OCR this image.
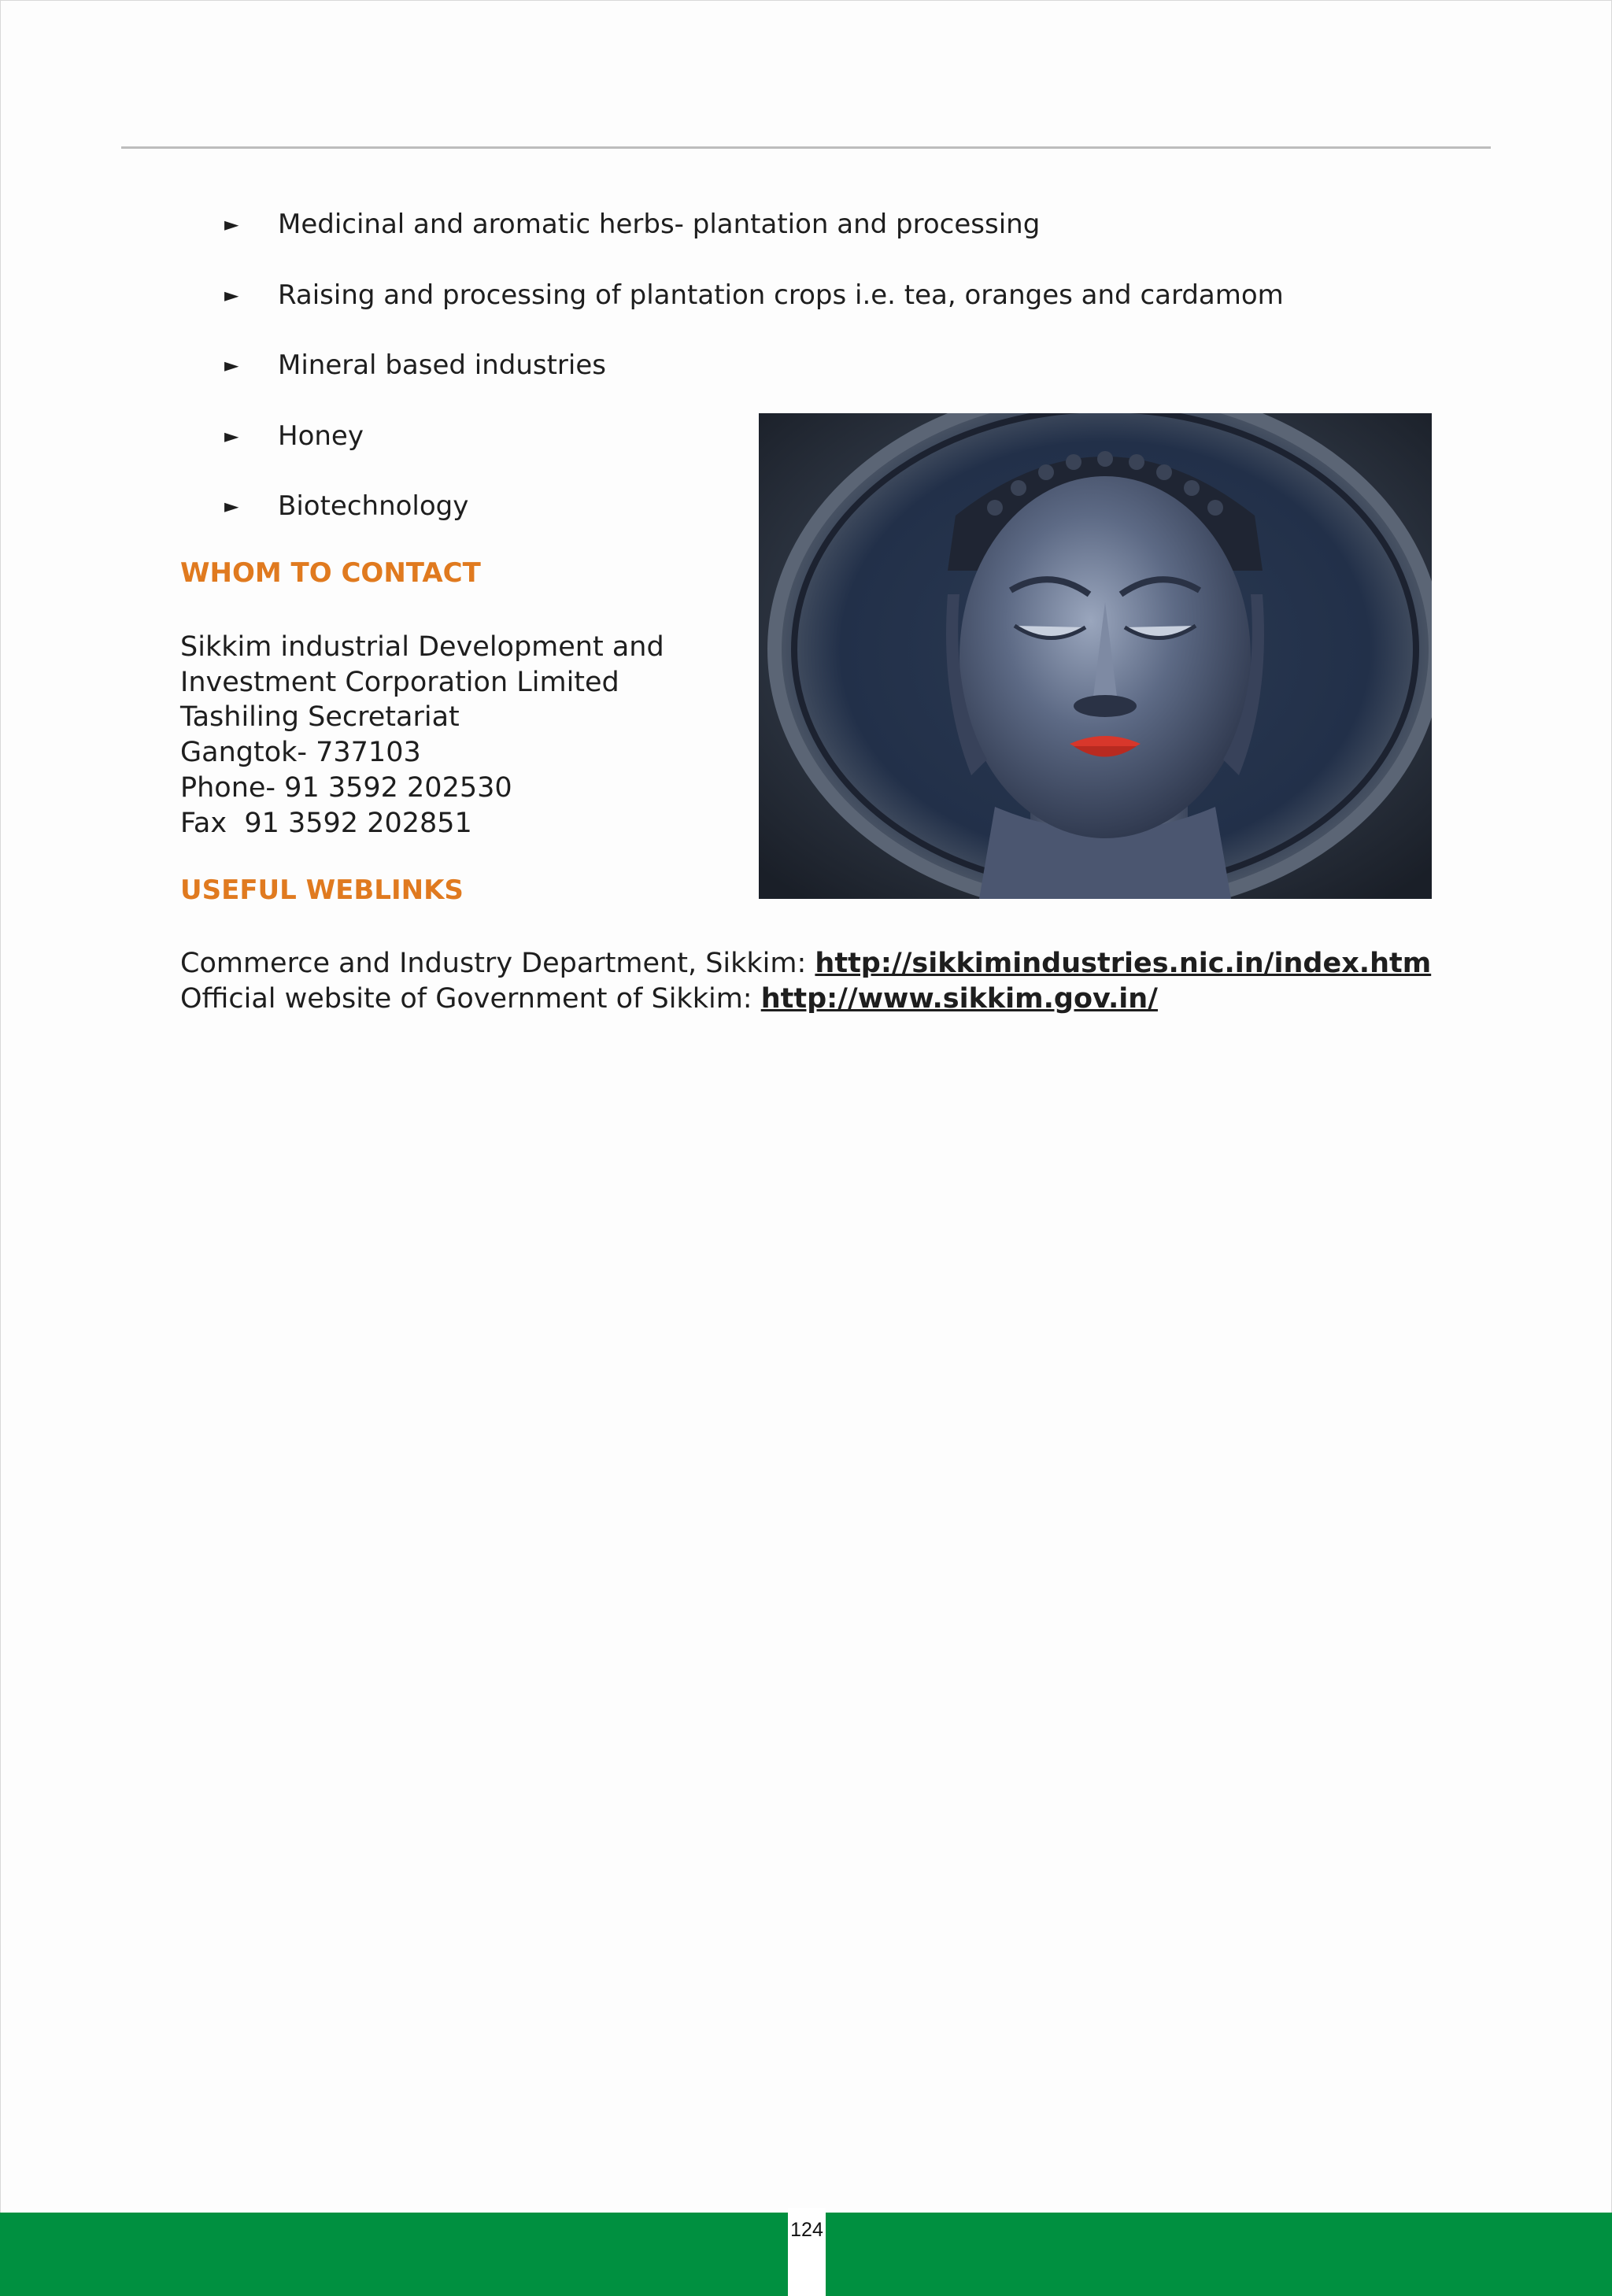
► Medicinal and aromatic herbs- plantation and processing
► Raising and processing of plantation crops i.e. tea, oranges and cardamom
► Mineral based industries
► Honey
► Biotechnology
WHOM TO CONTACT
Sikkim industrial Development and
Investment Corporation Limited
Tashiling Secretariat
Gangtok- 737103
Phone- 91 3592 202530
Fax  91 3592 202851
USEFUL WEBLINKS
Commerce and Industry Department, Sikkim: http://sikkimindustries.nic.in/index.htm
Official website of Government of Sikkim: http://www.sikkim.gov.in/
124
